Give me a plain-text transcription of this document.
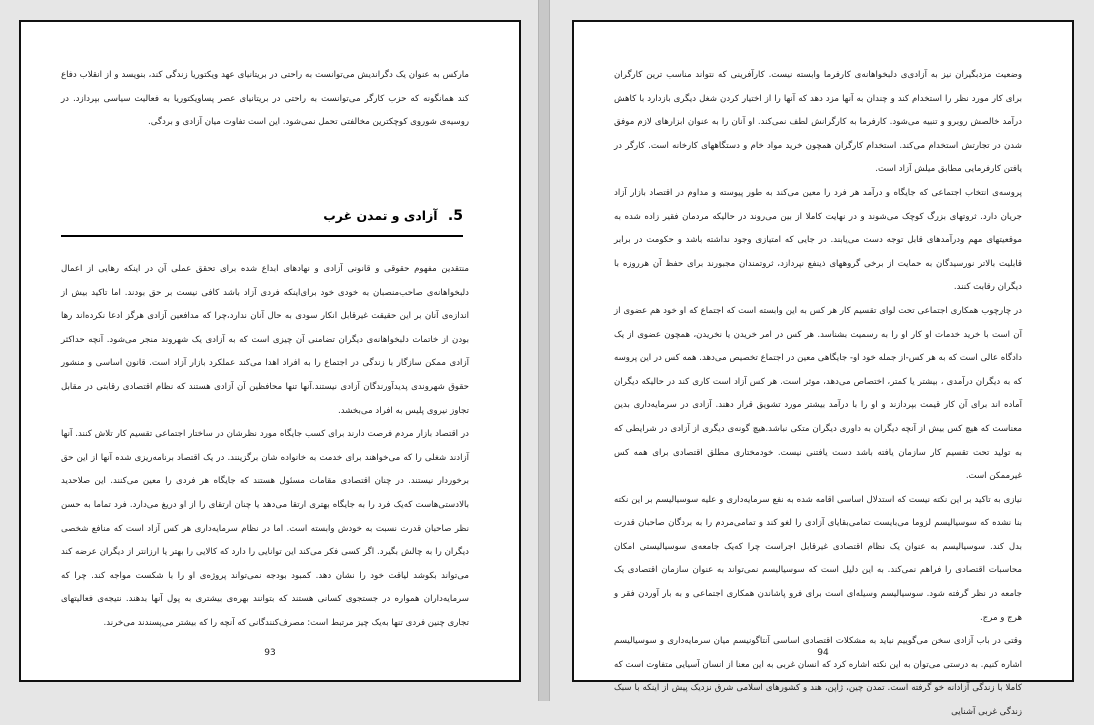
مارکس به عنوان یک دگراندیش می‌توانست به راحتی در بریتانیای عهد ویکتوریا زندگی کند، بنویسد و از انقلاب دفاع کند همانگونه که حزب کارگر می‌توانست به راحتی در بریتانیای عصر پساویکتوریا به فعالیت سیاسی بپردازد. در روسیه‌ی شوروی کوچکترین مخالفتی تحمل نمی‌شود. این است تفاوت میان آزادی و بردگی.

5. آزادی و تمدن غرب

منتقدین مفهوم حقوقی و قانونی آزادی و نهادهای ابداع شده برای تحقق عملی آن در اینکه رهایی از اعمال دلبخواهانه‌ی صاحب‌منصبان به خودی خود برای‌اینکه فردی آزاد باشد کافی نیست بر حق بودند. اما تاکید بیش از اندازه‌ی آنان بر این حقیقت غیرقابل انکار سودی به حال آنان ندارد،چرا که مدافعین آزادی هرگز ادعا نکرده‌اند رها بودن از خاتمات دلبخواهانه‌ی دیگران تضامنی آن چیزی است که به آزادی یک شهروند منجر می‌شود. آنچه حداکثر آزادی ممکن سازگار با زندگی در اجتماع را به افراد اهدا می‌کند عملکرد بازار آزاد است. قانون اساسی و منشور حقوق شهروندی پدیدآورندگان آزادی نیستند.آنها تنها محافظین آن آزادی هستند که نظام اقتصادی رقابتی در مقابل تجاوز نیروی پلیس به افراد می‌بخشد.

در اقتصاد بازار مردم فرصت دارند برای کسب جایگاه مورد نظرشان در ساختار اجتماعی تقسیم کار تلاش کنند. آنها آزادند شغلی را که می‌خواهند برای خدمت به خانواده شان برگزینند. در یک اقتصاد برنامه‌ریزی شده آنها از این حق برخوردار نیستند. در چنان اقتصادی مقامات مسئول هستند که جایگاه هر فردی را معین می‌کنند. این صلاحدید بالادستی‌هاست که‌یک فرد را به جایگاه بهتری ارتقا می‌دهد یا چنان ارتقای را از او دریغ می‌دارد. فرد تماما به حسن نظر صاحبان قدرت نسبت به خودش وابسته است. اما در نظام سرمایه‌داری هر کس آزاد است که منافع شخصی دیگران را به چالش بگیرد. اگر کسی فکر می‌کند این توانایی را دارد که کالایی را بهتر یا ارزانتر از دیگران عرضه کند می‌تواند بکوشد لیاقت خود را نشان دهد. کمبود بودجه نمی‌تواند پروژه‌ی او را با شکست مواجه کند. چرا که سرمایه‌داران همواره در جستجوی کسانی هستند که بتوانند بهره‌ی بیشتری به پول آنها بدهند. نتیجه‌ی فعالیتهای تجاری چنین فردی تنها به‌یک چیز مرتبط است: مصرف‌کنندگانی که آنچه را که بیشتر می‌پسندند می‌خرند.

93

وضعیت مزدبگیران نیز به آزادی‌ی دلبخواهانه‌ی کارفرما وابسته نیست. کارآفرینی که نتواند مناسب ترین کارگران برای کار مورد نظر را استخدام کند و چندان به آنها مزد دهد که آنها را از اختیار کردن شغل دیگری بازدارد با کاهش درآمد خالصش روبرو و تنبیه می‌شود. کارفرما به کارگرانش لطف نمی‌کند. او آنان را به عنوان ابزارهای لازم موفق شدن در تجارتش استخدام می‌کند. استخدام کارگران همچون خرید مواد خام و دستگاههای کارخانه است. کارگر در یافتن کارفرمایی مطابق میلش آزاد است.

پروسه‌ی انتخاب اجتماعی که جایگاه و درآمد هر فرد را معین می‌کند به طور پیوسته و مداوم در اقتصاد بازار آزاد جریان دارد. ثروتهای بزرگ کوچک می‌شوند و در نهایت کاملا از بین می‌روند در حالیکه مردمان فقیر زاده شده به موقعیتهای مهم ودرآمدهای قابل توجه دست می‌یابند. در جایی که امتیازی وجود نداشته باشد و حکومت در برابر قابلیت بالاتر نورسیدگان به حمایت از برخی گروههای ذینفع نپردازد، ثروتمندان مجبورند برای حفظ آن هرروزه با دیگران رقابت کنند.

در چارچوب همکاری اجتماعی تحت لوای تقسیم کار هر کس به این وابسته است که اجتماع که او خود هم عضوی از آن است با خرید خدمات او کار او را به رسمیت بشناسد. هر کس در امر خریدن یا نخریدن، همچون عضوی از یک دادگاه عالی است که به هر کس-از جمله خود او- جایگاهی معین در اجتماع تخصیص می‌دهد. همه کس در این پروسه که به دیگران درآمدی ، بیشتر یا کمتر، اختصاص می‌دهد، موثر است. هر کس آزاد است کاری کند در حالیکه دیگران آماده اند برای آن کار قیمت بپردازند و او را با درآمد بیشتر مورد تشویق قرار دهند. آزادی در سرمایه‌داری بدین معناست که هیچ کس بیش از آنچه دیگران به داوری دیگران متکی نباشد.هیچ گونه‌ی دیگری از آزادی در شرایطی که به تولید تحت تقسیم کار سازمان یافته باشد دست یافتنی نیست. خودمختاری مطلق اقتصادی برای همه کس غیرممکن است.

نیازی به تاکید بر این نکته نیست که استدلال اساسی اقامه شده به نفع سرمایه‌داری و علیه سوسیالیسم بر این نکته بنا نشده که سوسیالیسم لزوما می‌بایست تمامی‌بقایای آزادی را لغو کند و تمامی‌مردم را به بردگان صاحبان قدرت بدل کند. سوسیالیسم به عنوان یک نظام اقتصادی غیرقابل اجراست چرا که‌یک جامعه‌ی سوسیالیستی امکان محاسبات اقتصادی را فراهم نمی‌کند. به این دلیل است که سوسیالیسم نمی‌تواند به عنوان سازمان اقتصادی یک جامعه در نظر گرفته شود. سوسیالیسم وسیله‌ای است برای فرو پاشاندن همکاری اجتماعی و به بار آوردن فقر و هرج و مرج.

وقتی در باب آزادی سخن می‌گوییم نباید به مشکلات اقتصادی اساسی آنتاگونیسم میان سرمایه‌داری و سوسیالیسم اشاره کنیم. به درستی می‌توان به این نکته اشاره کرد که انسان غربی به این معنا از انسان آسیایی متفاوت است که کاملا با زندگی آزادانه خو گرفته است. تمدن چین، ژاپن، هند و کشورهای اسلامی شرق نزدیک پیش از اینکه با سبک زندگی غربی آشنایی

94
